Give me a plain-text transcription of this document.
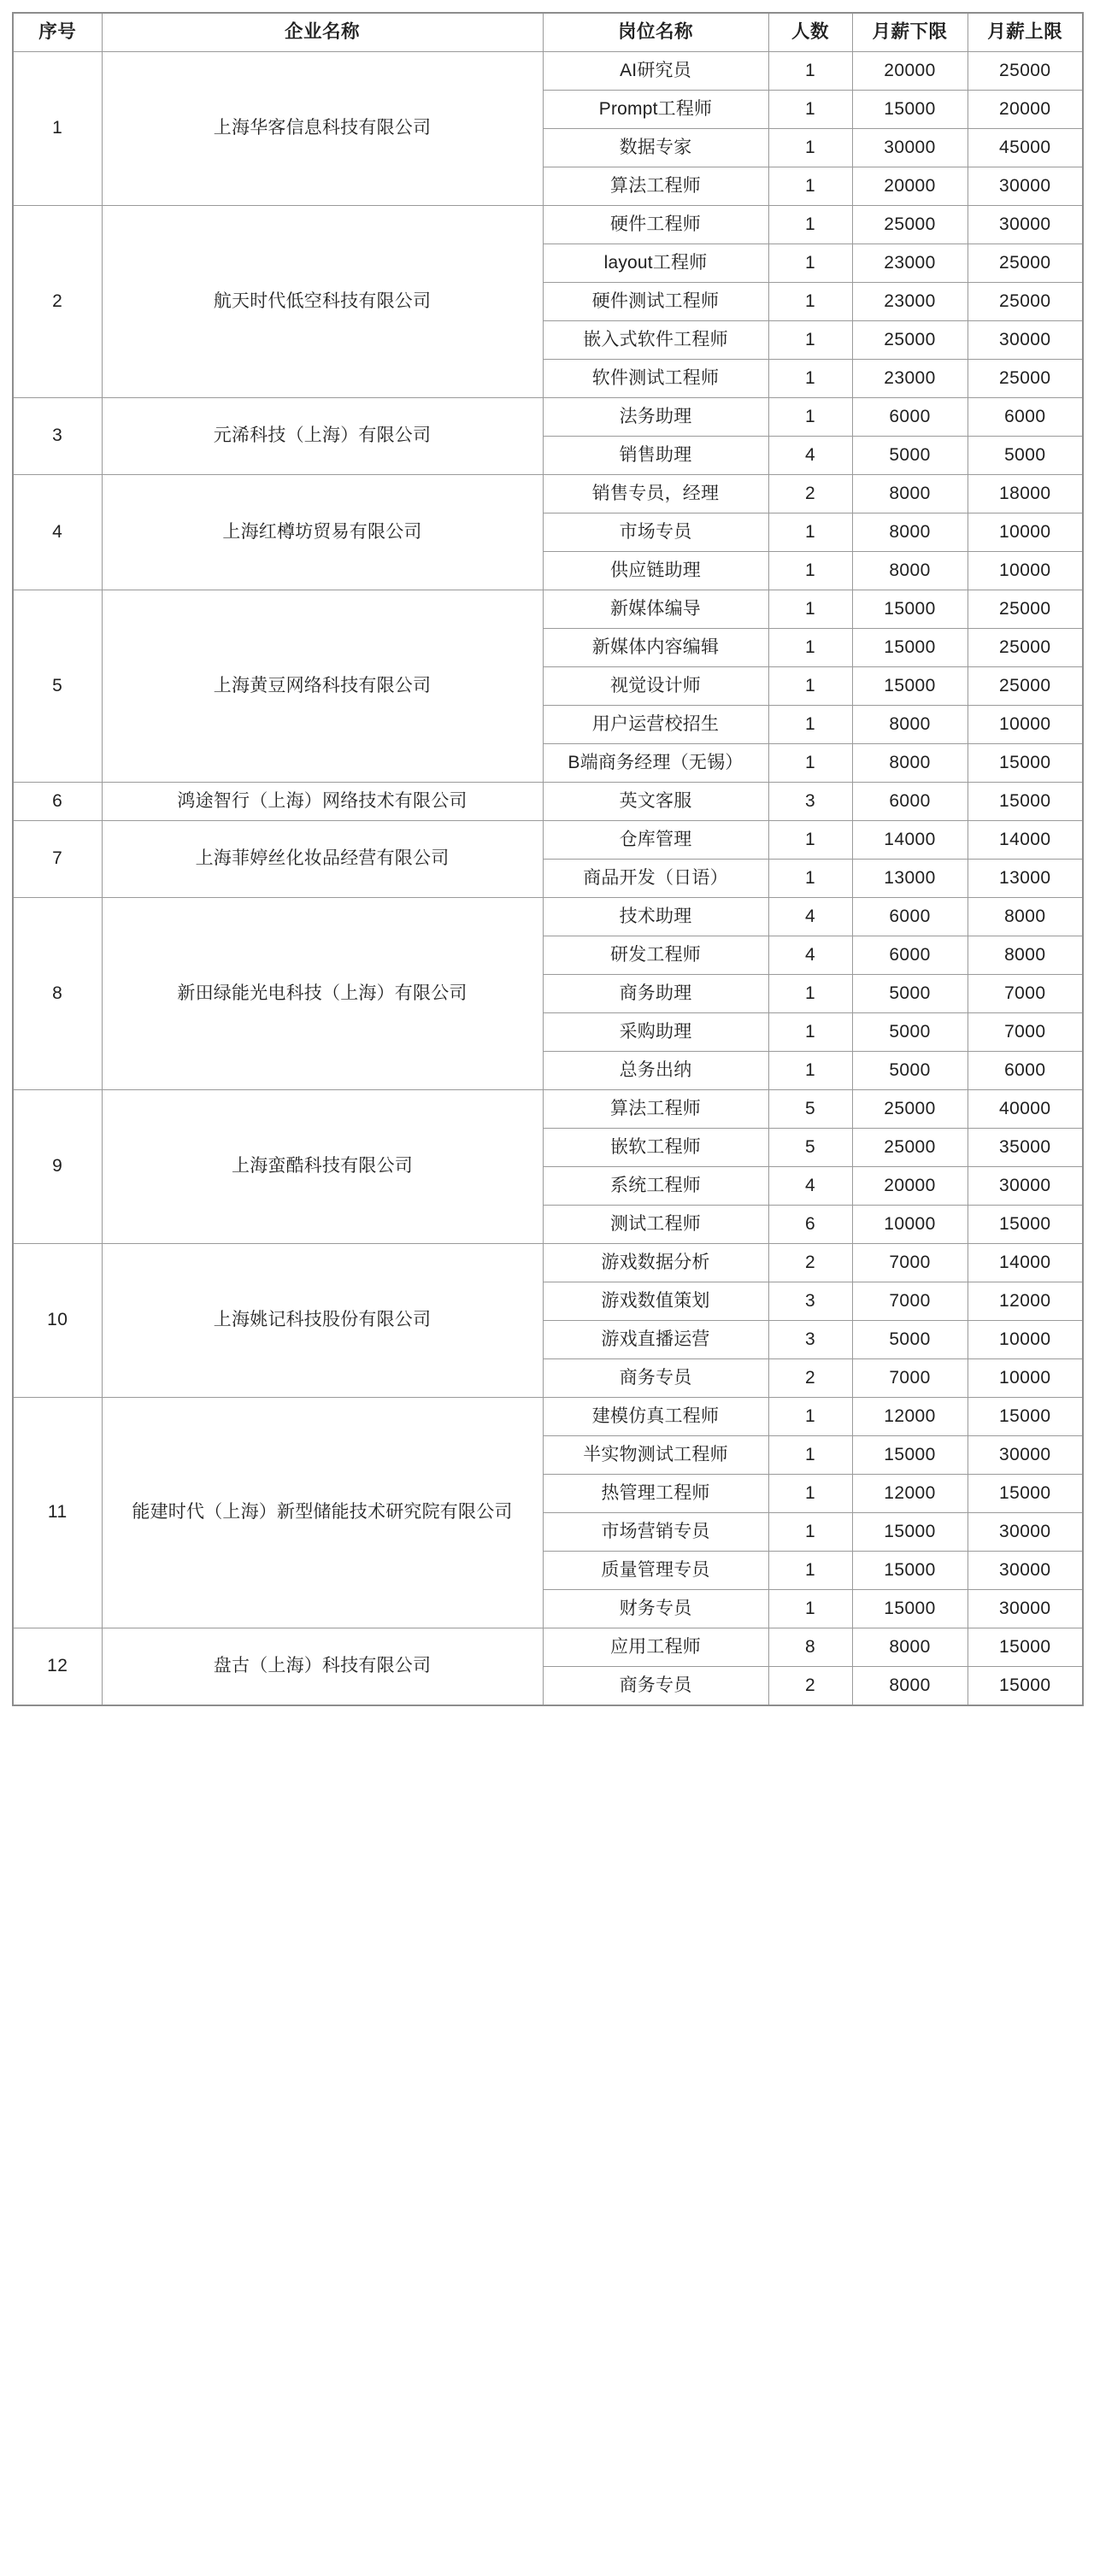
序号	企业名称	岗位名称	人数	月薪下限	月薪上限
1	上海华客信息科技有限公司	AI研究员	1	20000	25000
		Prompt工程师	1	15000	20000
		数据专家	1	30000	45000
		算法工程师	1	20000	30000
2	航天时代低空科技有限公司	硬件工程师	1	25000	30000
		layout工程师	1	23000	25000
		硬件测试工程师	1	23000	25000
		嵌入式软件工程师	1	25000	30000
		软件测试工程师	1	23000	25000
3	元浠科技（上海）有限公司	法务助理	1	6000	6000
		销售助理	4	5000	5000
4	上海红樽坊贸易有限公司	销售专员，经理	2	8000	18000
		市场专员	1	8000	10000
		供应链助理	1	8000	10000
5	上海黄豆网络科技有限公司	新媒体编导	1	15000	25000
		新媒体内容编辑	1	15000	25000
		视觉设计师	1	15000	25000
		用户运营校招生	1	8000	10000
		B端商务经理（无锡）	1	8000	15000
6	鸿途智行（上海）网络技术有限公司	英文客服	3	6000	15000
7	上海菲婷丝化妆品经营有限公司	仓库管理	1	14000	14000
		商品开发（日语）	1	13000	13000
8	新田绿能光电科技（上海）有限公司	技术助理	4	6000	8000
		研发工程师	4	6000	8000
		商务助理	1	5000	7000
		采购助理	1	5000	7000
		总务出纳	1	5000	6000
9	上海蛮酷科技有限公司	算法工程师	5	25000	40000
		嵌软工程师	5	25000	35000
		系统工程师	4	20000	30000
		测试工程师	6	10000	15000
10	上海姚记科技股份有限公司	游戏数据分析	2	7000	14000
		游戏数值策划	3	7000	12000
		游戏直播运营	3	5000	10000
		商务专员	2	7000	10000
11	能建时代（上海）新型储能技术研究院有限公司	建模仿真工程师	1	12000	15000
		半实物测试工程师	1	15000	30000
		热管理工程师	1	12000	15000
		市场营销专员	1	15000	30000
		质量管理专员	1	15000	30000
		财务专员	1	15000	30000
12	盘古（上海）科技有限公司	应用工程师	8	8000	15000
		商务专员	2	8000	15000
